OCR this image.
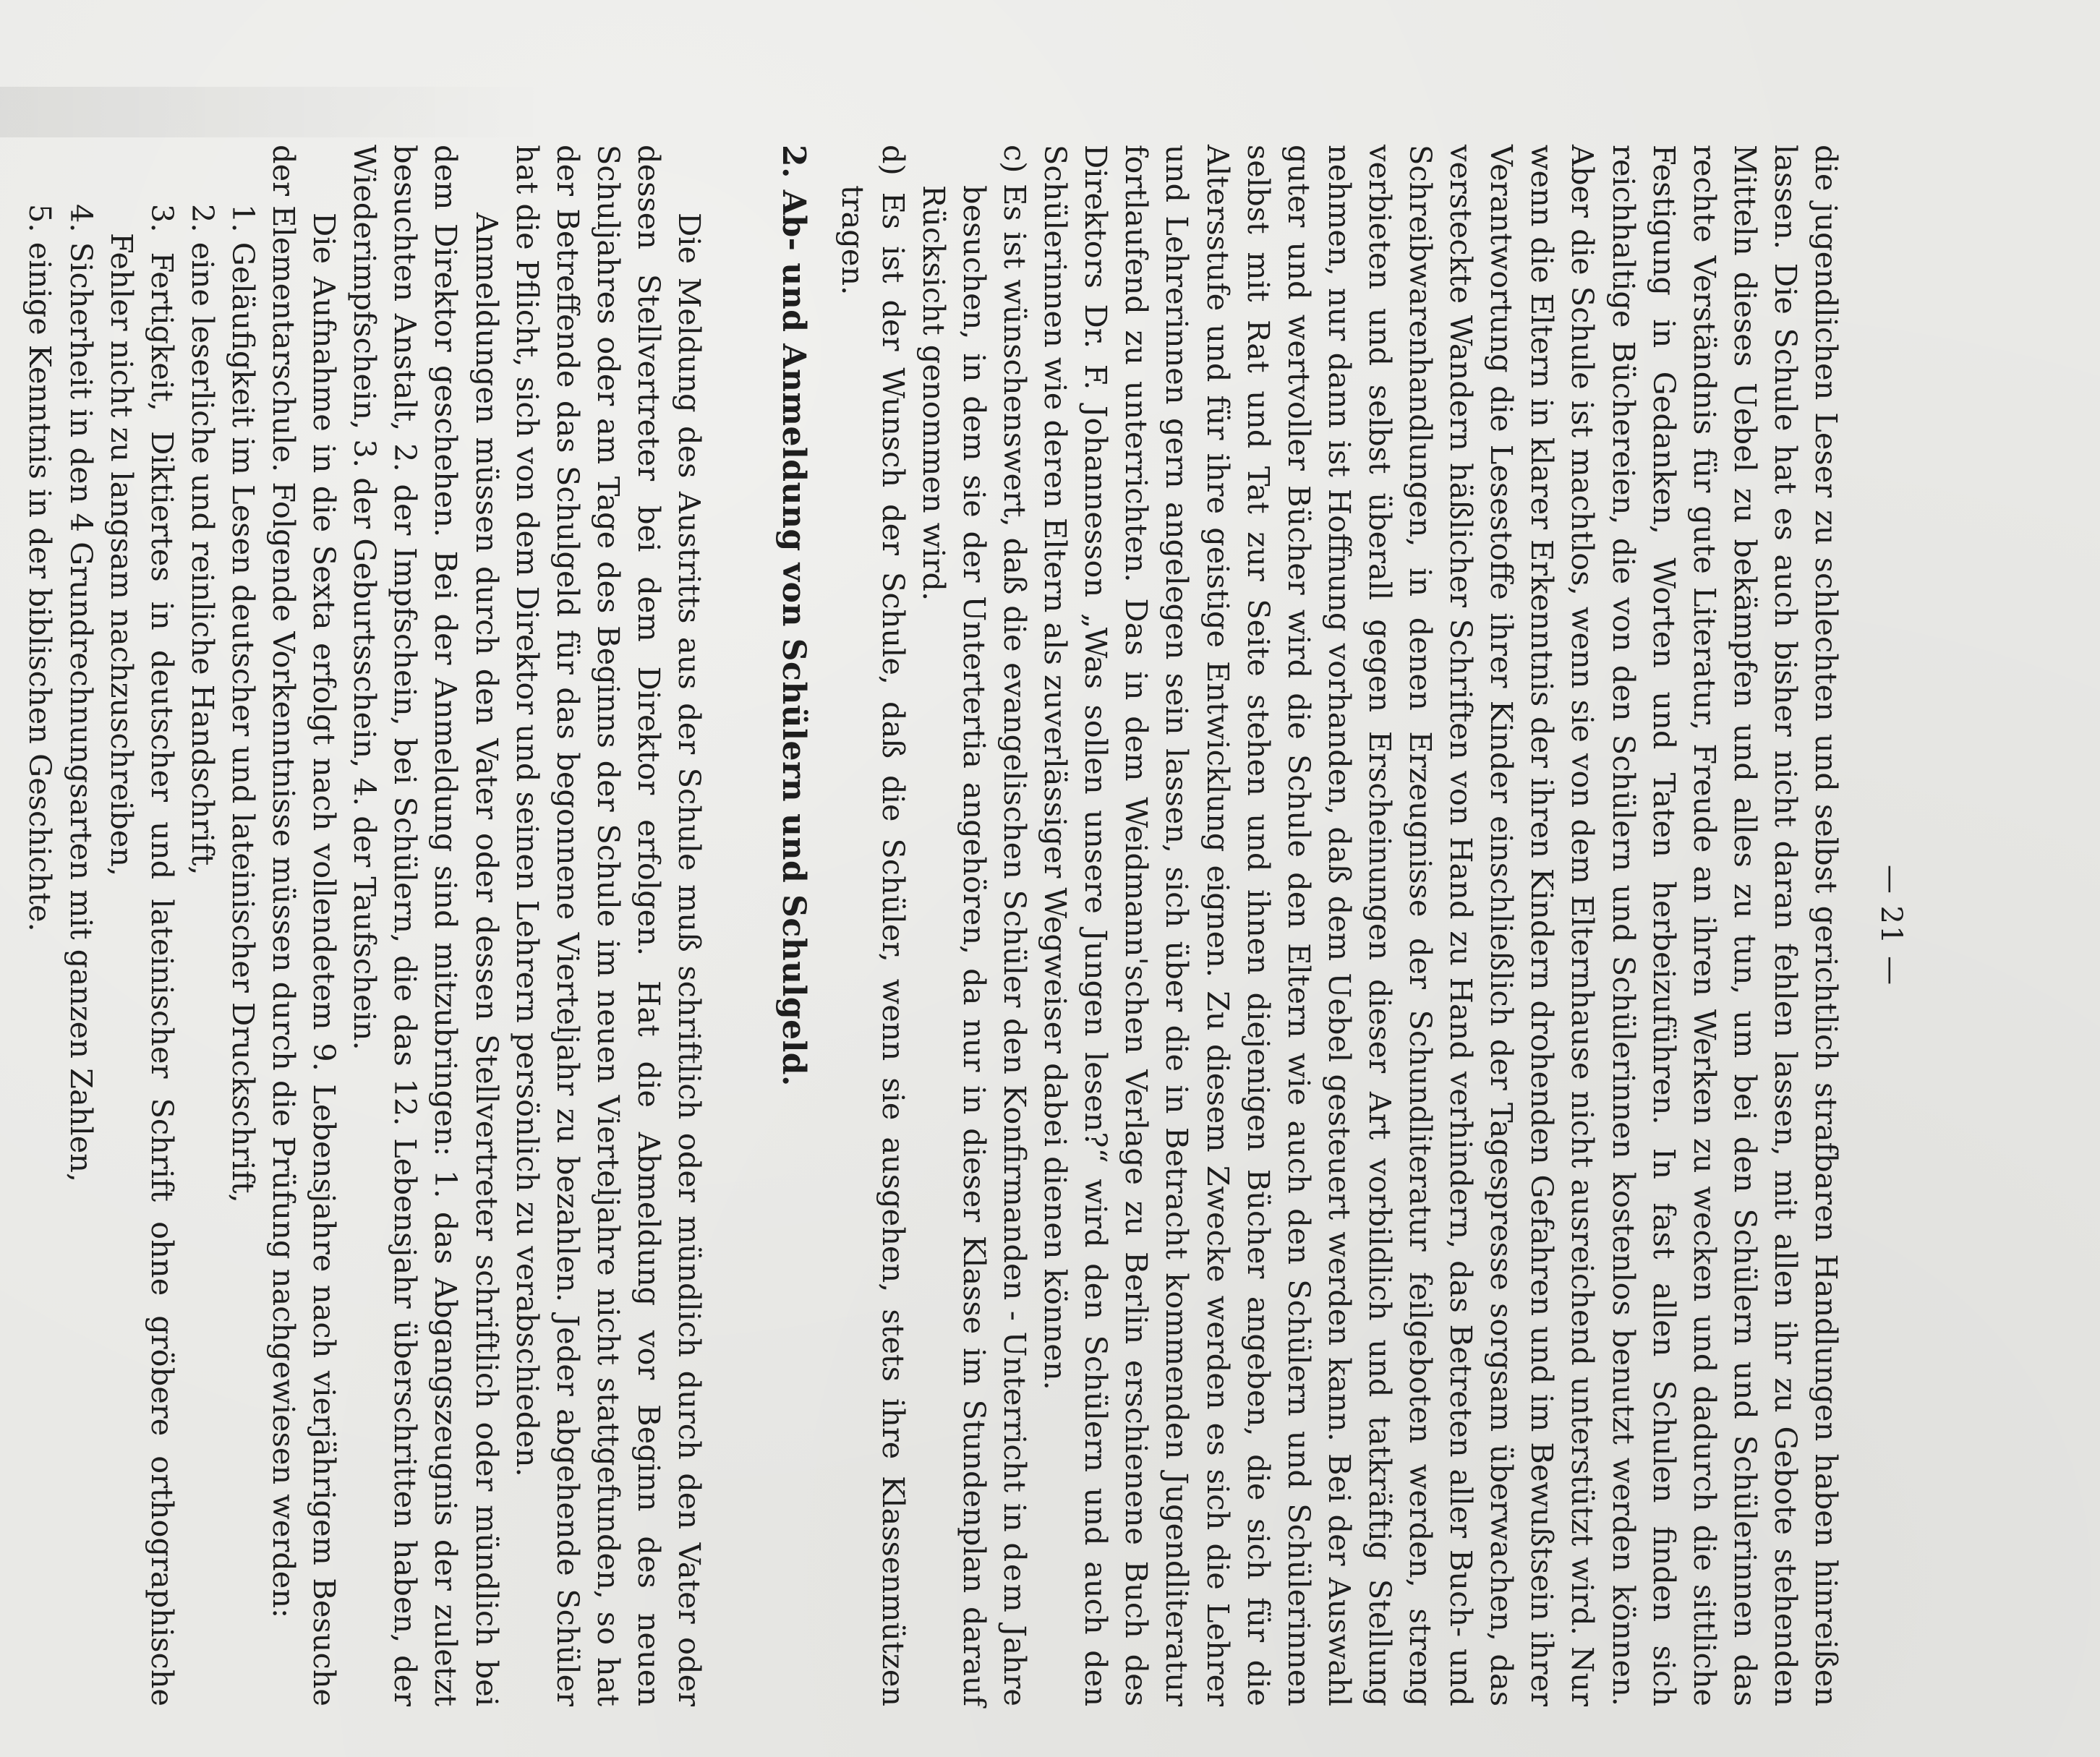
— 21 —

die jugendlichen Leser zu schlechten und selbst gerichtlich strafbaren Handlungen haben hinreißen lassen. Die Schule hat es auch bisher nicht daran fehlen lassen, mit allen ihr zu Gebote stehenden Mitteln dieses Uebel zu bekämpfen und alles zu tun, um bei den Schülern und Schülerinnen das rechte Verständnis für gute Literatur, Freude an ihren Werken zu wecken und dadurch die sittliche Festigung in Gedanken, Worten und Taten herbeizuführen. In fast allen Schulen finden sich reichhaltige Büchereien, die von den Schülern und Schülerinnen kostenlos benutzt werden können. Aber die Schule ist machtlos, wenn sie von dem Elternhause nicht ausreichend unterstützt wird. Nur wenn die Eltern in klarer Erkenntnis der ihren Kindern drohenden Gefahren und im Bewußtsein ihrer Verantwortung die Lesestoffe ihrer Kinder einschließlich der Tagespresse sorgsam überwachen, das versteckte Wandern häßlicher Schriften von Hand zu Hand verhindern, das Betreten aller Buch- und Schreibwarenhandlungen, in denen Erzeugnisse der Schundliteratur feilgeboten werden, streng verbieten und selbst überall gegen Erscheinungen dieser Art vorbildlich und tatkräftig Stellung nehmen, nur dann ist Hoffnung vorhanden, daß dem Uebel gesteuert werden kann. Bei der Auswahl guter und wertvoller Bücher wird die Schule den Eltern wie auch den Schülern und Schülerinnen selbst mit Rat und Tat zur Seite stehen und ihnen diejenigen Bücher angeben, die sich für die Altersstufe und für ihre geistige Entwicklung eignen. Zu diesem Zwecke werden es sich die Lehrer und Lehrerinnen gern angelegen sein lassen, sich über die in Betracht kommenden Jugendliteratur fortlaufend zu unterrichten. Das in dem Weidmann'schen Verlage zu Berlin erschienene Buch des Direktors Dr. F. Johannesson „Was sollen unsere Jungen lesen?“ wird den Schülern und auch den Schülerinnen wie deren Eltern als zuverlässiger Wegweiser dabei dienen können.

c) Es ist wünschenswert, daß die evangelischen Schüler den Konfirmanden - Unterricht in dem Jahre besuchen, in dem sie der Untertertia angehören, da nur in dieser Klasse im Stundenplan darauf Rücksicht genommen wird.

d) Es ist der Wunsch der Schule, daß die Schüler, wenn sie ausgehen, stets ihre Klassenmützen tragen.

2. Ab- und Anmeldung von Schülern und Schulgeld.

Die Meldung des Austritts aus der Schule muß schriftlich oder mündlich durch den Vater oder dessen Stellvertreter bei dem Direktor erfolgen. Hat die Abmeldung vor Beginn des neuen Schuljahres oder am Tage des Beginns der Schule im neuen Vierteljahre nicht stattgefunden, so hat der Betreffende das Schulgeld für das begonnene Vierteljahr zu bezahlen. Jeder abgehende Schüler hat die Pflicht, sich von dem Direktor und seinen Lehrern persönlich zu verabschieden.

Anmeldungen müssen durch den Vater oder dessen Stellvertreter schriftlich oder mündlich bei dem Direktor geschehen. Bei der Anmeldung sind mitzubringen: 1. das Abgangszeugnis der zuletzt besuchten Anstalt, 2. der Impfschein, bei Schülern, die das 12. Lebensjahr überschritten haben, der Wiederimpfschein, 3. der Geburtsschein, 4. der Taufschein.

Die Aufnahme in die Sexta erfolgt nach vollendetem 9. Lebensjahre nach vierjährigem Besuche der Elementarschule. Folgende Vorkenntnisse müssen durch die Prüfung nachgewiesen werden:

1. Geläufigkeit im Lesen deutscher und lateinischer Druckschrift,

2. eine leserliche und reinliche Handschrift,

3. Fertigkeit, Diktiertes in deutscher und lateinischer Schrift ohne gröbere orthographische Fehler nicht zu langsam nachzuschreiben,

4. Sicherheit in den 4 Grundrechnungsarten mit ganzen Zahlen,

5. einige Kenntnis in der biblischen Geschichte.
